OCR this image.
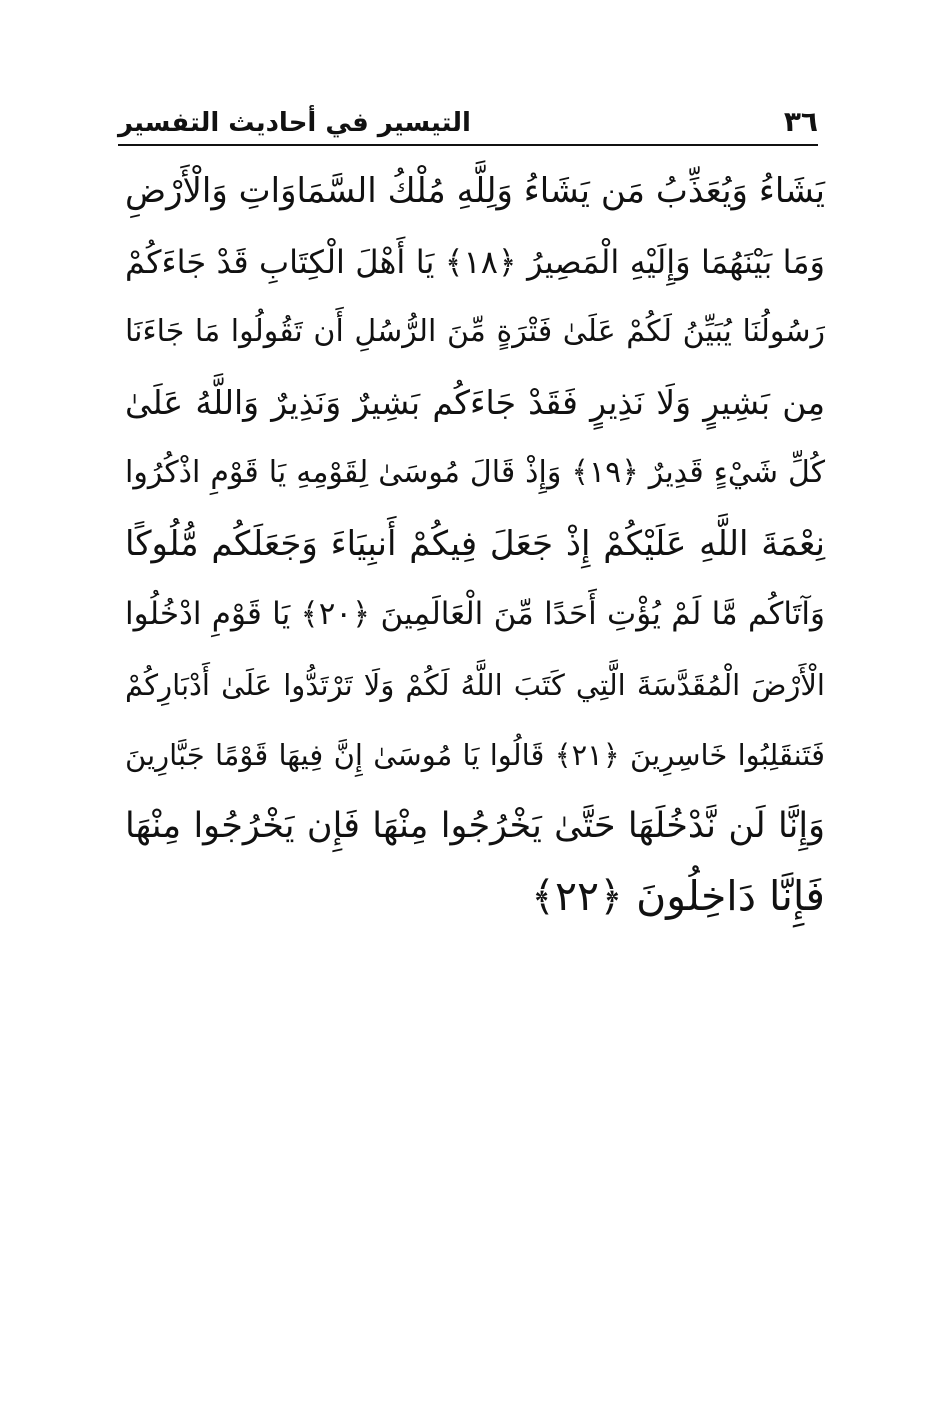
٣٦
التيسير في أحاديث التفسير
يَشَاءُ وَيُعَذِّبُ مَن يَشَاءُ وَلِلَّهِ مُلْكُ السَّمَاوَاتِ وَالْأَرْضِ
وَمَا بَيْنَهُمَا وَإِلَيْهِ الْمَصِيرُ ﴿١٨﴾ يَا أَهْلَ الْكِتَابِ قَدْ جَاءَكُمْ
رَسُولُنَا يُبَيِّنُ لَكُمْ عَلَىٰ فَتْرَةٍ مِّنَ الرُّسُلِ أَن تَقُولُوا مَا جَاءَنَا
مِن بَشِيرٍ وَلَا نَذِيرٍ فَقَدْ جَاءَكُم بَشِيرٌ وَنَذِيرٌ وَاللَّهُ عَلَىٰ
كُلِّ شَيْءٍ قَدِيرٌ ﴿١٩﴾ وَإِذْ قَالَ مُوسَىٰ لِقَوْمِهِ يَا قَوْمِ اذْكُرُوا
نِعْمَةَ اللَّهِ عَلَيْكُمْ إِذْ جَعَلَ فِيكُمْ أَنبِيَاءَ وَجَعَلَكُم مُّلُوكًا
وَآتَاكُم مَّا لَمْ يُؤْتِ أَحَدًا مِّنَ الْعَالَمِينَ ﴿٢٠﴾ يَا قَوْمِ ادْخُلُوا
الْأَرْضَ الْمُقَدَّسَةَ الَّتِي كَتَبَ اللَّهُ لَكُمْ وَلَا تَرْتَدُّوا عَلَىٰ أَدْبَارِكُمْ
فَتَنقَلِبُوا خَاسِرِينَ ﴿٢١﴾ قَالُوا يَا مُوسَىٰ إِنَّ فِيهَا قَوْمًا جَبَّارِينَ
وَإِنَّا لَن نَّدْخُلَهَا حَتَّىٰ يَخْرُجُوا مِنْهَا فَإِن يَخْرُجُوا مِنْهَا
فَإِنَّا دَاخِلُونَ ﴿٢٢﴾
